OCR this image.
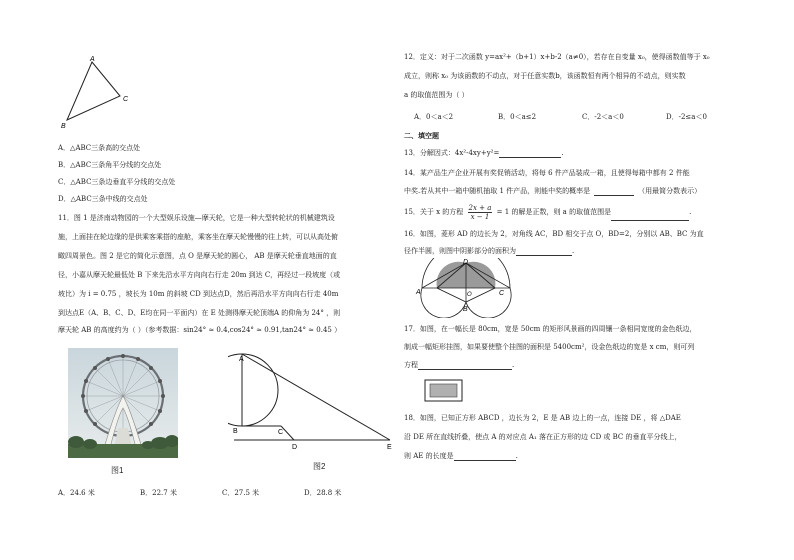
A
B
C
A．△ABC三条高的交点处
B．△ABC三条角平分线的交点处
C．△ABC三条边垂直平分线的交点处
D．△ABC三条中线的交点处
11．图 1 是济南动物园的一个大型娱乐设施—摩天轮，它是一种大型转轮状的机械建筑设
施，上面挂在轮边缘的是供乘客乘搭的座舱，乘客坐在摩天轮慢慢的往上转，可以从高处俯
瞰四周景色。图 2 是它的简化示意图，点 O 是摩天轮的圆心， AB 是摩天轮垂直地面的直
径，小嘉从摩天轮最低处 B 下来先沿水平方向向右行走 20m 到达 C，再经过一段坡度（或
坡比）为 i = 0.75 ，坡长为 10m 的斜坡 CD 到达点D，然后再沿水平方向向右行走 40m
到达点E（A、B、C、D、E均在同一平面内）在 E 处测得摩天轮顶端A 的仰角为 24° ，则
摩天轮 AB 的高度约为（ ）（参考数据：sin24° ≈ 0.4,cos24° ≈ 0.91,tan24° ≈ 0.45 ）
图1
A
B	C
D	E
图2
A．24.6 米	B．22.7 米	C．27.5 米	D．28.8 米
12．定义：对于二次函数 y=ax²+（b+1）x+b-2（a≠0），若存在自变量 x₀，使得函数值等于 x₀
成立，则称 x₀ 为该函数的不动点，对于任意实数b，该函数恒有两个相异的不动点，则实数
a 的取值范围为（ ）
A．0＜a＜2	B．0＜a≤2	C．-2＜a＜0	D．-2≤a＜0
二、填空题
13．分解因式：4x²-4xy+y²=	.
14．某产品生产企业开展有奖促销活动，将每 6 件产品装成一箱，且使得每箱中都有 2 件能
中奖.若从其中一箱中随机抽取 1 件产品，则能中奖的概率是	（用最简分数表示）
15．关于 x 的方程 $\frac{2x + a}{x - 1} = 1$ 的解是正数，则 a 的取值范围是	.
16．如图，菱形 AD 的边长为 2，对角线 AC，BD 相交于点 O，BD=2，分别以 AB、BC 为直
径作半圆，则图中阴影部分的面积为	.
D
A	C
O
B
17．如图，在一幅长是 80cm，宽是 50cm 的矩形风景画的四周镶一条相同宽度的金色纸边，
制成一幅矩形挂图，如果要使整个挂图的面积是 5400cm²，设金色纸边的宽是 x cm，则可列
方程	.
18．如图，已知正方形 ABCD ，边长为 2，E 是 AB 边上的一点，连接 DE ，将 △DAE
沿 DE 所在直线折叠，使点 A 的对应点 A₁ 落在正方形的边 CD 或 BC 的垂直平分线上，
则 AE 的长度是	.
